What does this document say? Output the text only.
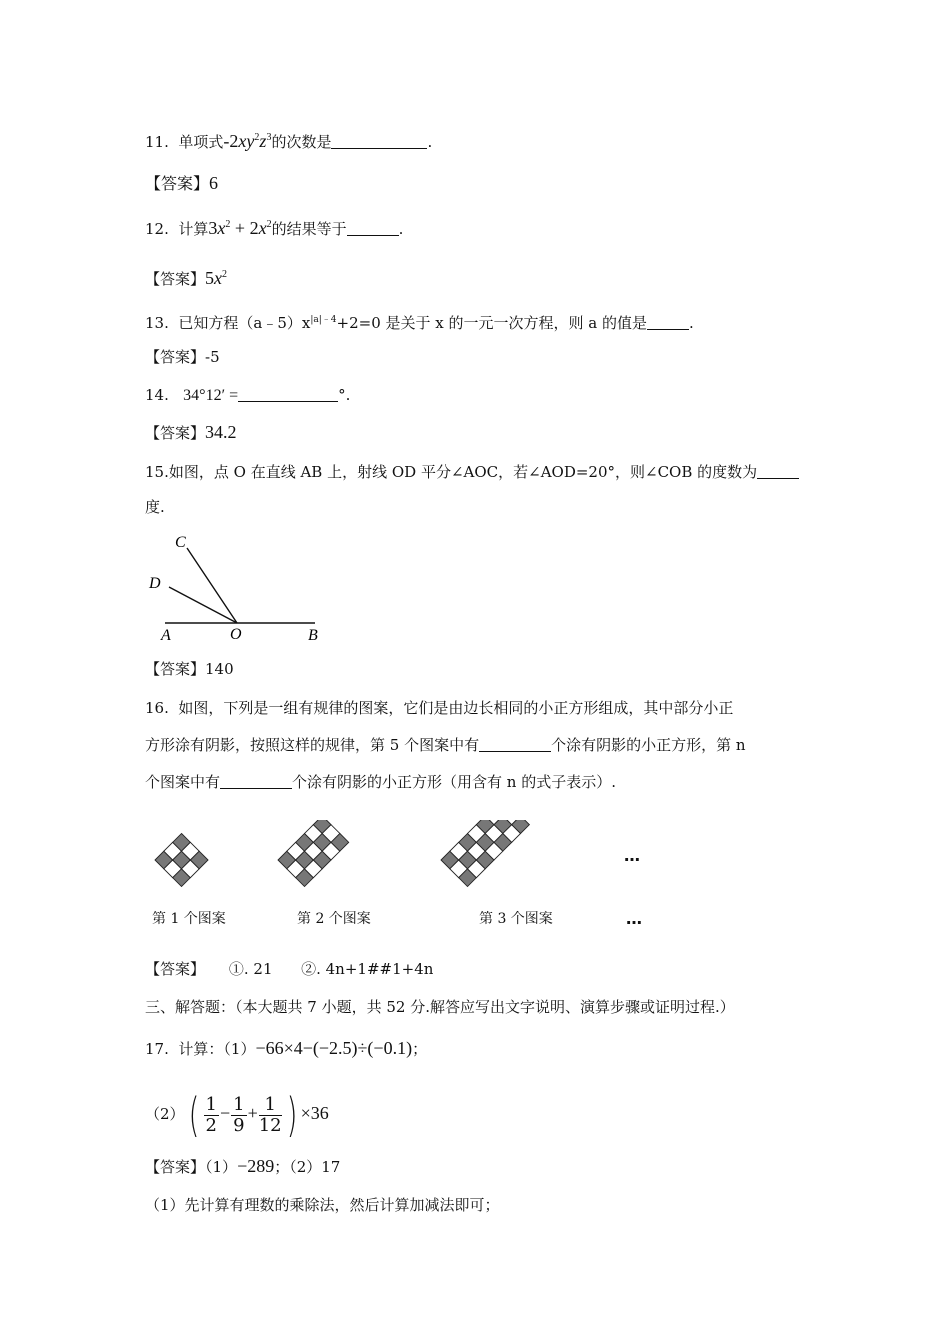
11. 单项式$-2xy^2z^3$的次数是	.
【答案】6
12. 计算$3x^2 + 2x^2$的结果等于	.
【答案】$5x^2$
13. 已知方程$(a﹣5)x^{|a|﹣4}+2=0$ 是关于 x 的一元一次方程，则 a 的值是	.
【答案】-5
14. 34°12′ =	°.
【答案】34.2
15.如图，点 O 在直线 AB 上，射线 OD 平分∠AOC，若∠AOD=20°，则∠COB 的度数为
度.
C
D
A	O	B
【答案】140
16. 如图，下列是一组有规律的图案，它们是由边长相同的小正方形组成，其中部分小正
方形涂有阴影，按照这样的规律，第 5 个图案中有	个涂有阴影的小正方形，第 n
个图案中有	个涂有阴影的小正方形（用含有 n 的式子表示）.
…
第 1 个图案	第 2 个图案	第 3 个图案	…
【答案】 ①. 21 ②. 4n+1##1+4n
三、解答题：（本大题共 7 小题，共 52 分.解答应写出文字说明、演算步骤或证明过程.）
17. 计算：（1）−66×4−(−2.5)÷(−0.1)；
$(2)( \frac{1}{2} - \frac{1}{9} + \frac{1}{12}$ ) ×36
【答案】（1）−289；（2）17
（1）先计算有理数的乘除法，然后计算加减法即可；
